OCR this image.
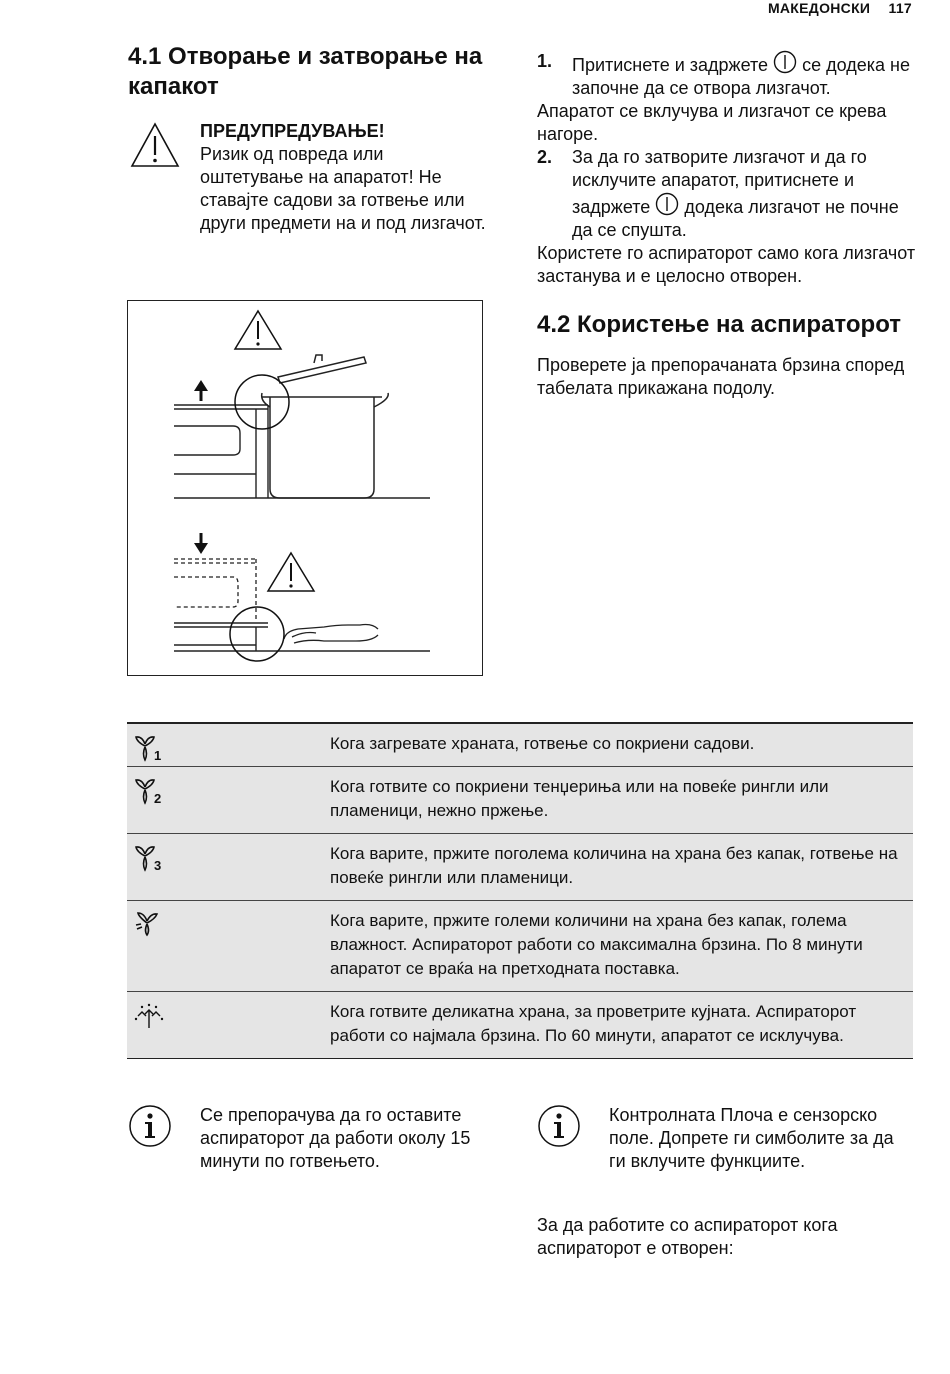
МАКЕДОНСКИ 117
4.1 Отворање и затворање на капакот
ПРЕДУПРЕДУВАЊЕ!
Ризик од повреда или оштетување на апаратот! Не ставајте садови за готвење или други предмети на и под лизгачот.
1. Притиснете и задржете се додека не започне да се отвора лизгачот.
Апаратот се вклучува и лизгачот се крева нагоре.
2. За да го затворите лизгачот и да го исклучите апаратот, притиснете и задржете додека лизгачот не почне да се спушта.
Користете го аспираторот само кога лизгачот застанува и е целосно отворен.
4.2 Користење на аспираторот
Проверете ја препорачаната брзина според табелата прикажана подолу.
1
Кога загревате храната, готвење со покриени садови.
2
Кога готвите со покриени тенџериња или на повеќе рингли или пламеници, нежно пржење.
3
Кога варите, пржите поголема количина на храна без капак, готвење на повеќе рингли или пламеници.
Кога варите, пржите големи количини на храна без капак, голема влажност. Аспираторот работи со максимална брзина. По 8 минути апаратот се враќа на претходната поставка.
Кога готвите деликатна храна, за проветрите кујната. Аспираторот работи со најмала брзина. По 60 минути, апаратот се исклучува.
Се препорачува да го оставите аспираторот да работи околу 15 минути по готвењето.
Контролната Плоча е сензорско поле. Допрете ги симболите за да ги вклучите функциите.
За да работите со аспираторот кога аспираторот е отворен:
